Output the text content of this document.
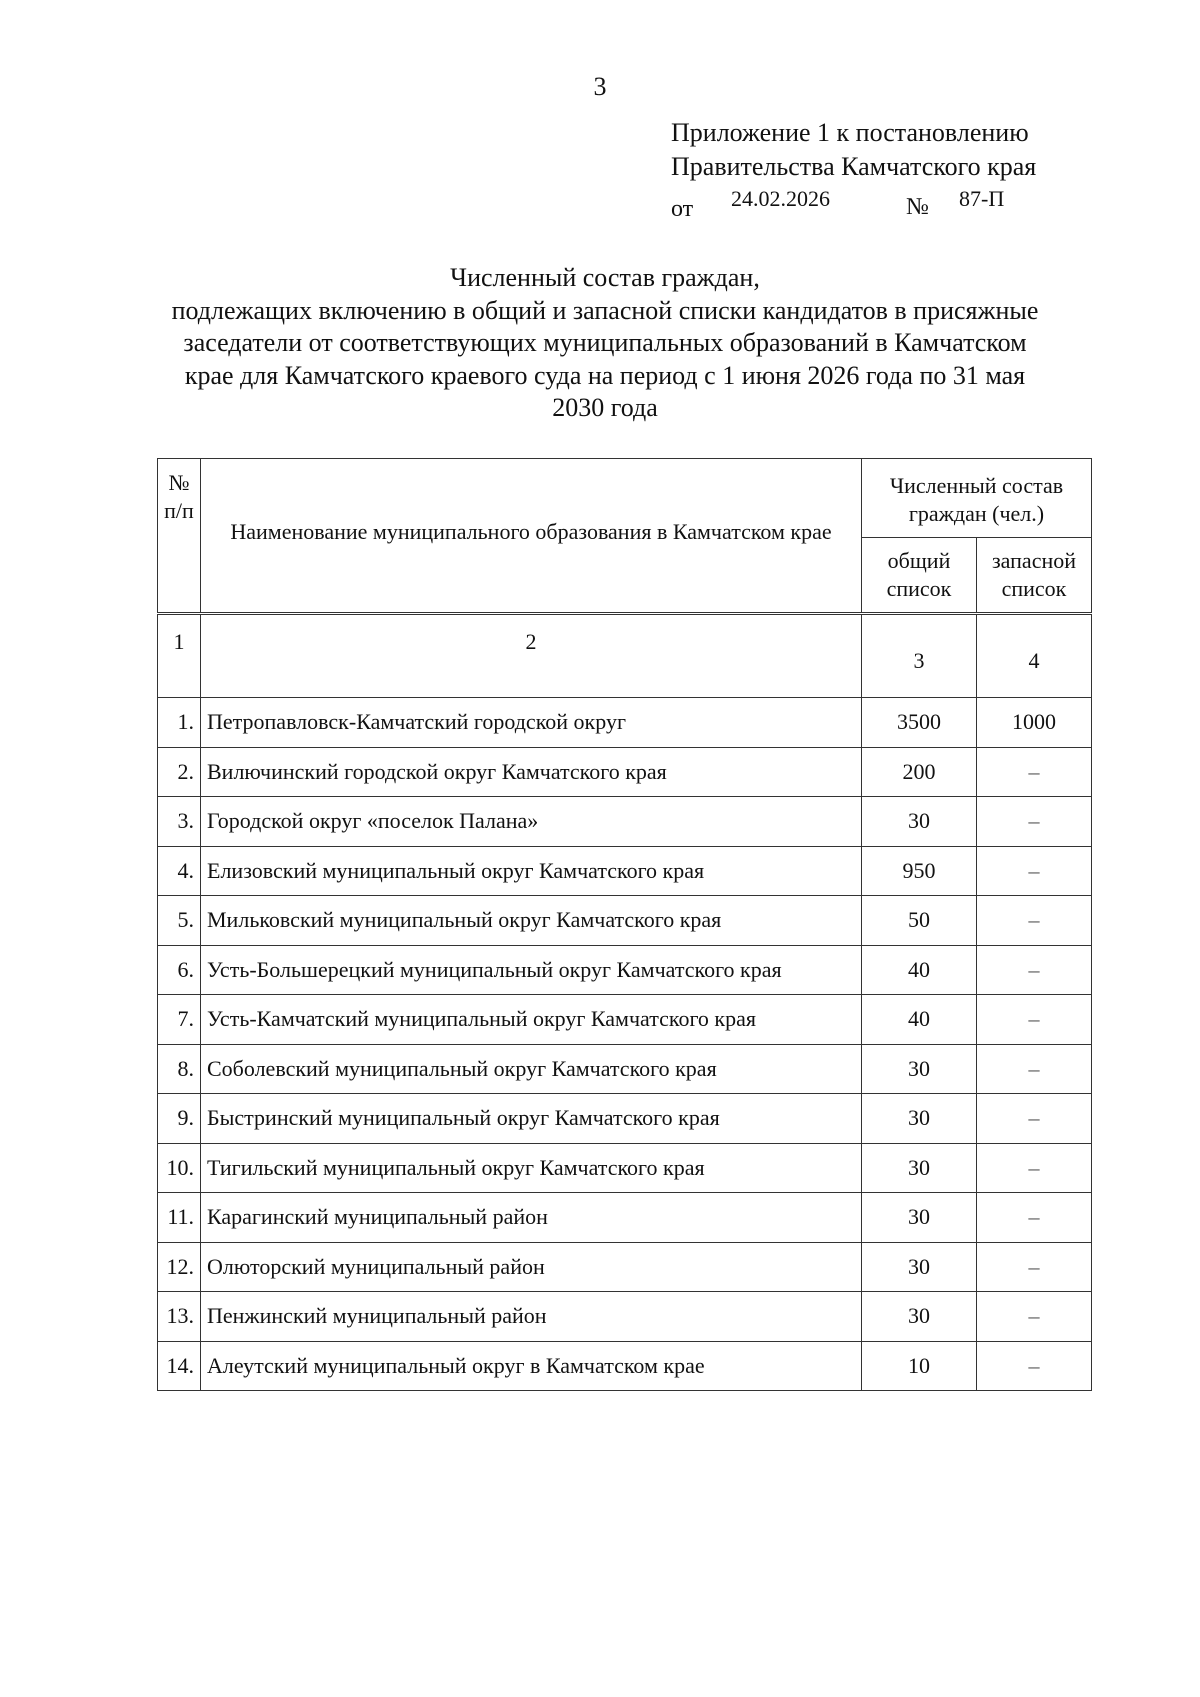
3
Приложение 1 к постановлению
Правительства Камчатского края
от 24.02.2026	№ 87-П
Численный состав граждан,
подлежащих включению в общий и запасной списки кандидатов в присяжные
заседатели от соответствующих муниципальных образований в Камчатском
крае для Камчатского краевого суда на период с 1 июня 2026 года по 31 мая
2030 года
№ п/п	Наименование муниципального образования в Камчатском крае	Численный состав граждан (чел.)	

		общий список	запасной список

1	2	3	4
1.	Петропавловск-Камчатский городской округ	3500	1000
2.	Вилючинский городской округ Камчатского края	200	–
3.	Городской округ «поселок Палана»	30	–
4.	Елизовский муниципальный округ Камчатского края	950	–
5.	Мильковский муниципальный округ Камчатского края	50	–
6.	Усть-Большерецкий муниципальный округ Камчатского края	40	–
7.	Усть-Камчатский муниципальный округ Камчатского края	40	–
8.	Соболевский муниципальный округ Камчатского края	30	–
9.	Быстринский муниципальный округ Камчатского края	30	–
10.	Тигильский муниципальный округ Камчатского края	30	–
11.	Карагинский муниципальный район	30	–
12.	Олюторский муниципальный район	30	–
13.	Пенжинский муниципальный район	30	–
14.	Алеутский муниципальный округ в Камчатском крае	10	–
